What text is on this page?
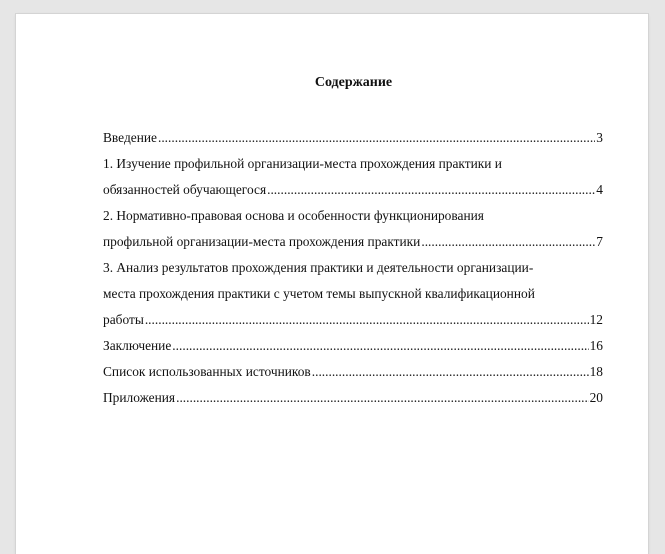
Содержание
Введение .....	3
1. Изучение профильной организации-места прохождения практики и
обязанностей обучающегося .....	4
2. Нормативно-правовая основа и особенности функционирования
профильной организации-места прохождения практики .....	7
3. Анализ результатов прохождения практики и деятельности организации-
места прохождения практики с учетом темы выпускной квалификационной
работы .....	12
Заключение .....	16
Список использованных источников .....	18
Приложения .....	20
